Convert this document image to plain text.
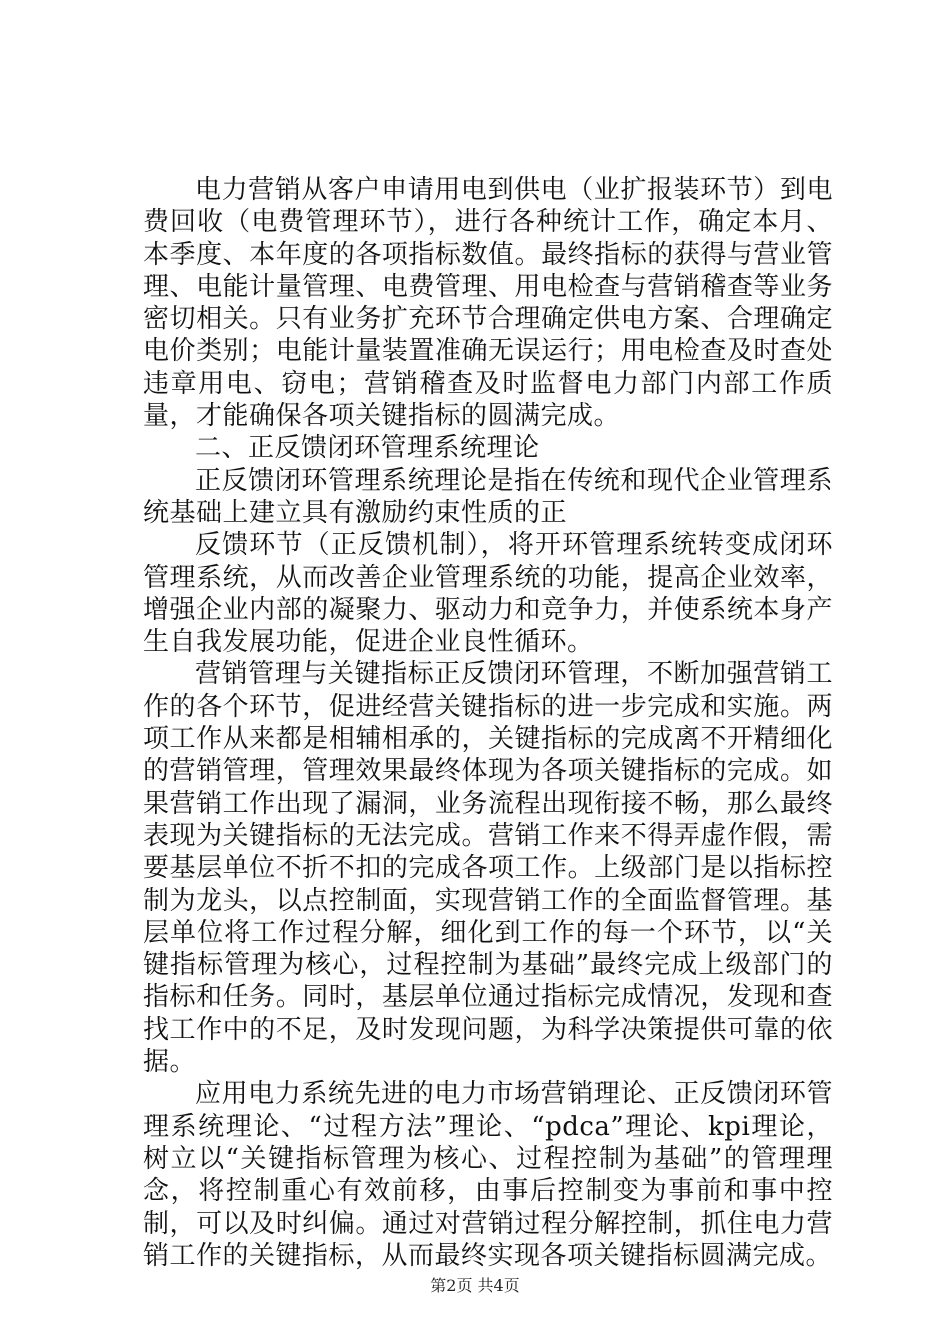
电力营销从客户申请用电到供电（业扩报装环节）到电费回收（电费管理环节），进行各种统计工作，确定本月、本季度、本年度的各项指标数值。最终指标的获得与营业管理、电能计量管理、电费管理、用电检查与营销稽查等业务密切相关。只有业务扩充环节合理确定供电方案、合理确定电价类别；电能计量装置准确无误运行；用电检查及时查处违章用电、窃电；营销稽查及时监督电力部门内部工作质量，才能确保各项关键指标的圆满完成。

二、正反馈闭环管理系统理论

正反馈闭环管理系统理论是指在传统和现代企业管理系统基础上建立具有激励约束性质的正

反馈环节（正反馈机制），将开环管理系统转变成闭环管理系统，从而改善企业管理系统的功能，提高企业效率，增强企业内部的凝聚力、驱动力和竞争力，并使系统本身产生自我发展功能，促进企业良性循环。

营销管理与关键指标正反馈闭环管理，不断加强营销工作的各个环节，促进经营关键指标的进一步完成和实施。两项工作从来都是相辅相承的，关键指标的完成离不开精细化的营销管理，管理效果最终体现为各项关键指标的完成。如果营销工作出现了漏洞，业务流程出现衔接不畅，那么最终表现为关键指标的无法完成。营销工作来不得弄虚作假，需要基层单位不折不扣的完成各项工作。上级部门是以指标控制为龙头，以点控制面，实现营销工作的全面监督管理。基层单位将工作过程分解，细化到工作的每一个环节，以“关键指标管理为核心，过程控制为基础”最终完成上级部门的指标和任务。同时，基层单位通过指标完成情况，发现和查找工作中的不足，及时发现问题，为科学决策提供可靠的依据。

应用电力系统先进的电力市场营销理论、正反馈闭环管理系统理论、“过程方法”理论、“pdca”理论、kpi理论，树立以“关键指标管理为核心、过程控制为基础”的管理理念，将控制重心有效前移，由事后控制变为事前和事中控制，可以及时纠偏。通过对营销过程分解控制，抓住电力营销工作的关键指标，从而最终实现各项关键指标圆满完成。

第2页 共4页
